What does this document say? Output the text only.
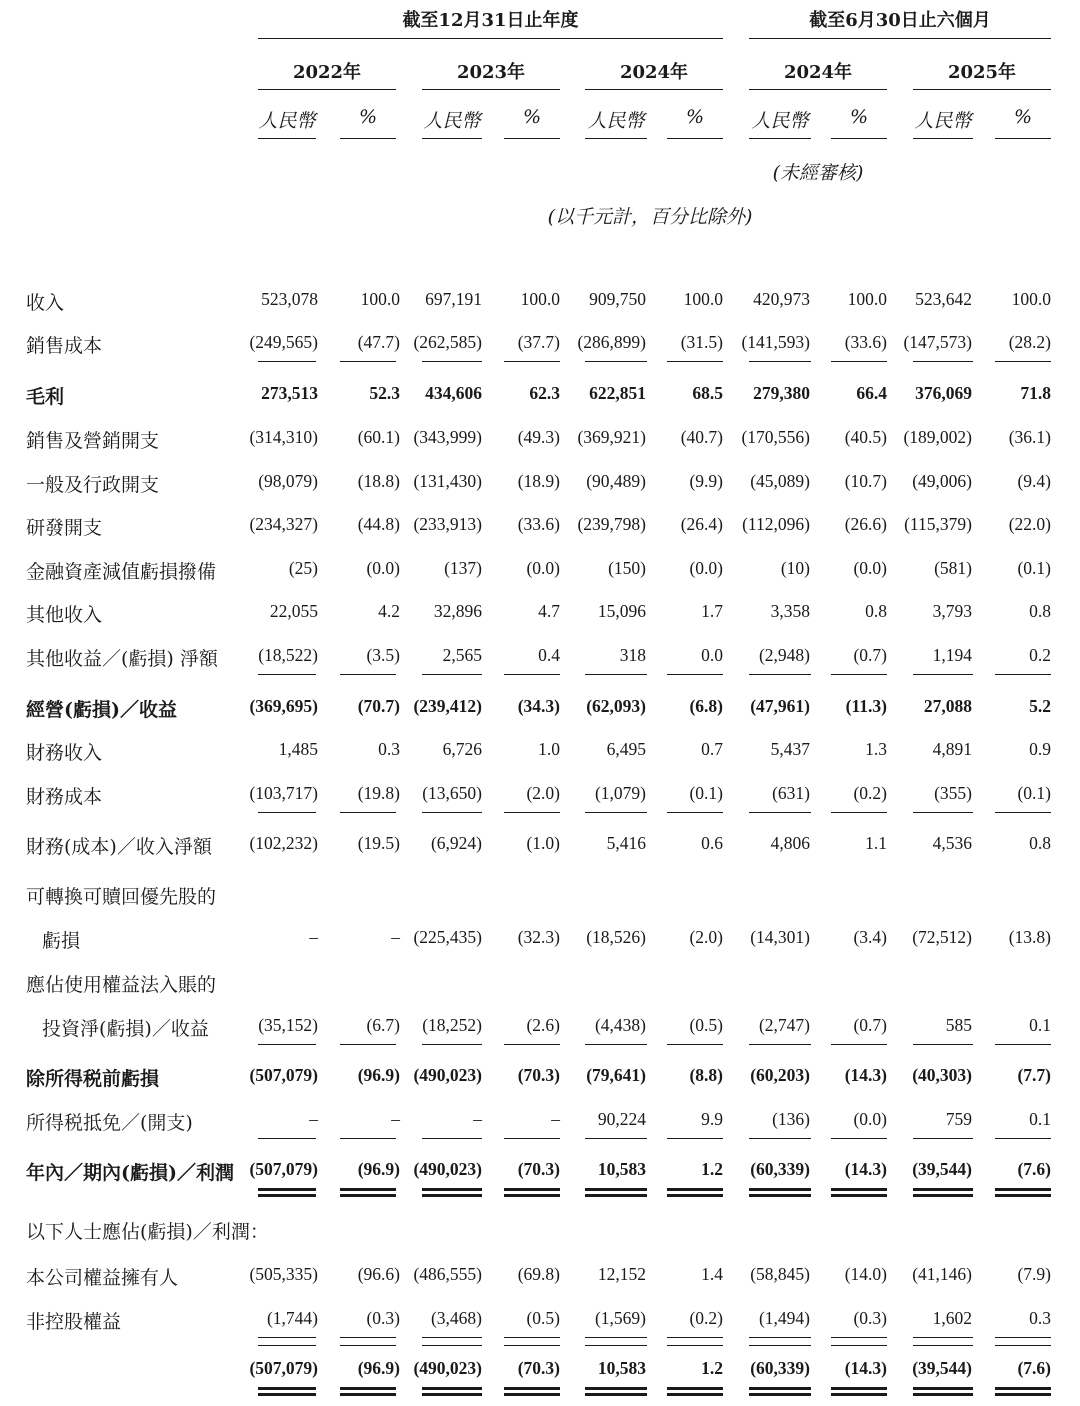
截至12月31日止年度	截至6月30日止六個月
2022年	2023年	2024年	2024年	2025年
人民幣	%	人民幣	%	人民幣	%	人民幣	%	人民幣	%
(未經審核)
(以千元計，百分比除外)
收入	523,078	100.0	697,191	100.0	909,750	100.0	420,973	100.0	523,642	100.0
銷售成本	(249,565)	(47.7) (262,585)	(37.7) (286,899)	(31.5)	(141,593)	(33.6) (147,573)	(28.2)
毛利	273,513	52.3	434,606	62.3	622,851	68.5	279,380	66.4	376,069	71.8
銷售及營銷開支	(314,310)	(60.1) (343,999)	(49.3) (369,921)	(40.7)	(170,556)	(40.5) (189,002)	(36.1)
一般及行政開支	(98,079)	(18.8) (131,430)	(18.9)	(90,489)	(9.9)	(45,089)	(10.7)	(49,006)	(9.4)
研發開支	(234,327)	(44.8) (233,913)	(33.6) (239,798)	(26.4)	(112,096)	(26.6) (115,379)	(22.0)
金融資產減值虧損撥備	(25)	(0.0)	(137)	(0.0)	(150)	(0.0)	(10)	(0.0)	(581)	(0.1)
其他收入	22,055	4.2	32,896	4.7	15,096	1.7	3,358	0.8	3,793	0.8
其他收益／(虧損) 淨額	(18,522)	(3.5)	2,565	0.4	318	0.0	(2,948)	(0.7)	1,194	0.2
經營(虧損)／收益	(369,695)	(70.7) (239,412)	(34.3)	(62,093)	(6.8)	(47,961)	(11.3)	27,088	5.2
財務收入	1,485	0.3	6,726	1.0	6,495	0.7	5,437	1.3	4,891	0.9
財務成本	(103,717)	(19.8)	(13,650)	(2.0)	(1,079)	(0.1)	(631)	(0.2)	(355)	(0.1)
財務(成本)／收入淨額	(102,232)	(19.5)	(6,924)	(1.0)	5,416	0.6	4,806	1.1	4,536	0.8
可轉換可贖回優先股的
虧損	–	– (225,435)	(32.3)	(18,526)	(2.0)	(14,301)	(3.4)	(72,512)	(13.8)
應佔使用權益法入賬的
投資淨(虧損)／收益	(35,152)	(6.7)	(18,252)	(2.6)	(4,438)	(0.5)	(2,747)	(0.7)	585	0.1
除所得税前虧損	(507,079)	(96.9) (490,023)	(70.3)	(79,641)	(8.8)	(60,203)	(14.3)	(40,303)	(7.7)
所得税抵免／(開支)	–	–	–	–	90,224	9.9	(136)	(0.0)	759	0.1
年內／期內(虧損)／利潤 (507,079)	(96.9) (490,023)	(70.3)	10,583	1.2	(60,339)	(14.3)	(39,544)	(7.6)
以下人士應佔(虧損)／利潤：
本公司權益擁有人	(505,335)	(96.6) (486,555)	(69.8)	12,152	1.4	(58,845)	(14.0)	(41,146)	(7.9)
非控股權益	(1,744)	(0.3)	(3,468)	(0.5)	(1,569)	(0.2)	(1,494)	(0.3)	1,602	0.3
(507,079)	(96.9) (490,023)	(70.3)	10,583	1.2	(60,339)	(14.3)	(39,544)	(7.6)
